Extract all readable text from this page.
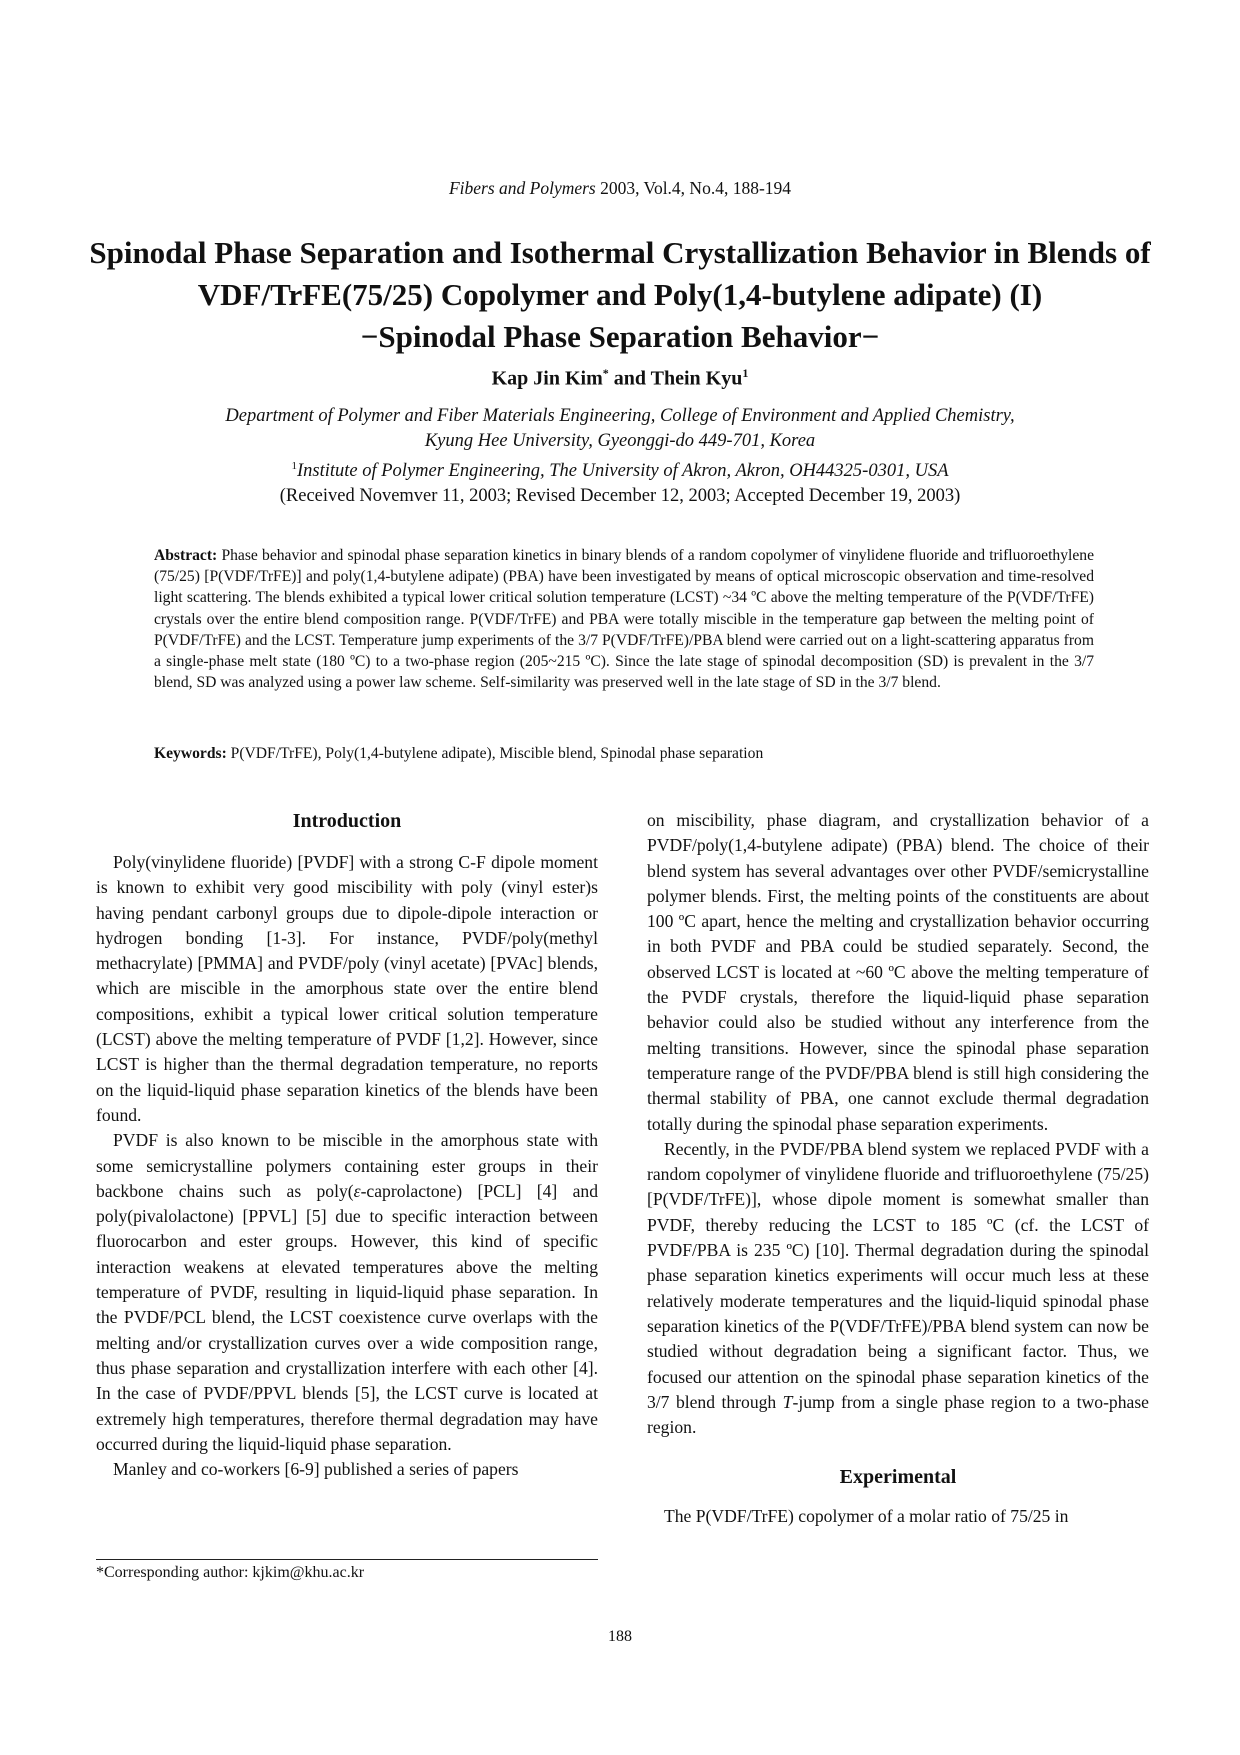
Fibers and Polymers 2003, Vol.4, No.4, 188-194
Spinodal Phase Separation and Isothermal Crystallization Behavior in Blends of
VDF/TrFE(75/25) Copolymer and Poly(1,4-butylene adipate) (I)
−Spinodal Phase Separation Behavior−
Kap Jin Kim* and Thein Kyu$^1$
Department of Polymer and Fiber Materials Engineering, College of Environment and Applied Chemistry,
Kyung Hee University, Gyeonggi-do 449-701, Korea
$^1$Institute of Polymer Engineering, The University of Akron, Akron, OH44325-0301, USA
(Received Novemver 11, 2003; Revised December 12, 2003; Accepted December 19, 2003)
Abstract: Phase behavior and spinodal phase separation kinetics in binary blends of a random copolymer of vinylidene fluoride and trifluoroethylene (75/25) [P(VDF/TrFE)] and poly(1,4-butylene adipate) (PBA) have been investigated by means of optical microscopic observation and time-resolved light scattering. The blends exhibited a typical lower critical solution temperature (LCST) ~34 ºC above the melting temperature of the P(VDF/TrFE) crystals over the entire blend composition range. P(VDF/TrFE) and PBA were totally miscible in the temperature gap between the melting point of P(VDF/TrFE) and the LCST. Temperature jump experiments of the 3/7 P(VDF/TrFE)/PBA blend were carried out on a light-scattering apparatus from a single-phase melt state (180 ºC) to a two-phase region (205~215 ºC). Since the late stage of spinodal decomposition (SD) is prevalent in the 3/7 blend, SD was analyzed using a power law scheme. Self-similarity was preserved well in the late stage of SD in the 3/7 blend.
Keywords: P(VDF/TrFE), Poly(1,4-butylene adipate), Miscible blend, Spinodal phase separation
Introduction

Poly(vinylidene fluoride) [PVDF] with a strong C-F dipole moment is known to exhibit very good miscibility with poly (vinyl ester)s having pendant carbonyl groups due to dipole-dipole interaction or hydrogen bonding [1-3]. For instance, PVDF/poly(methyl methacrylate) [PMMA] and PVDF/poly (vinyl acetate) [PVAc] blends, which are miscible in the amorphous state over the entire blend compositions, exhibit a typical lower critical solution temperature (LCST) above the melting temperature of PVDF [1,2]. However, since LCST is higher than the thermal degradation temperature, no reports on the liquid-liquid phase separation kinetics of the blends have been found.

PVDF is also known to be miscible in the amorphous state with some semicrystalline polymers containing ester groups in their backbone chains such as poly(ε-caprolactone) [PCL] [4] and poly(pivalolactone) [PPVL] [5] due to specific interaction between fluorocarbon and ester groups. However, this kind of specific interaction weakens at elevated temperatures above the melting temperature of PVDF, resulting in liquid-liquid phase separation. In the PVDF/PCL blend, the LCST coexistence curve overlaps with the melting and/or crystallization curves over a wide composition range, thus phase separation and crystallization interfere with each other [4]. In the case of PVDF/PPVL blends [5], the LCST curve is located at extremely high temperatures, therefore thermal degradation may have occurred during the liquid-liquid phase separation.

Manley and co-workers [6-9] published a series of papers

on miscibility, phase diagram, and crystallization behavior of a PVDF/poly(1,4-butylene adipate) (PBA) blend. The choice of their blend system has several advantages over other PVDF/semicrystalline polymer blends. First, the melting points of the constituents are about 100 ºC apart, hence the melting and crystallization behavior occurring in both PVDF and PBA could be studied separately. Second, the observed LCST is located at ~60 ºC above the melting temperature of the PVDF crystals, therefore the liquid-liquid phase separation behavior could also be studied without any interference from the melting transitions. However, since the spinodal phase separation temperature range of the PVDF/PBA blend is still high considering the thermal stability of PBA, one cannot exclude thermal degradation totally during the spinodal phase separation experiments.

Recently, in the PVDF/PBA blend system we replaced PVDF with a random copolymer of vinylidene fluoride and trifluoroethylene (75/25) [P(VDF/TrFE)], whose dipole moment is somewhat smaller than PVDF, thereby reducing the LCST to 185 ºC (cf. the LCST of PVDF/PBA is 235 ºC) [10]. Thermal degradation during the spinodal phase separation kinetics experiments will occur much less at these relatively moderate temperatures and the liquid-liquid spinodal phase separation kinetics of the P(VDF/TrFE)/PBA blend system can now be studied without degradation being a significant factor. Thus, we focused our attention on the spinodal phase separation kinetics of the 3/7 blend through T-jump from a single phase region to a two-phase region.

Experimental

The P(VDF/TrFE) copolymer of a molar ratio of 75/25 in

*Corresponding author: kjkim@khu.ac.kr
188
